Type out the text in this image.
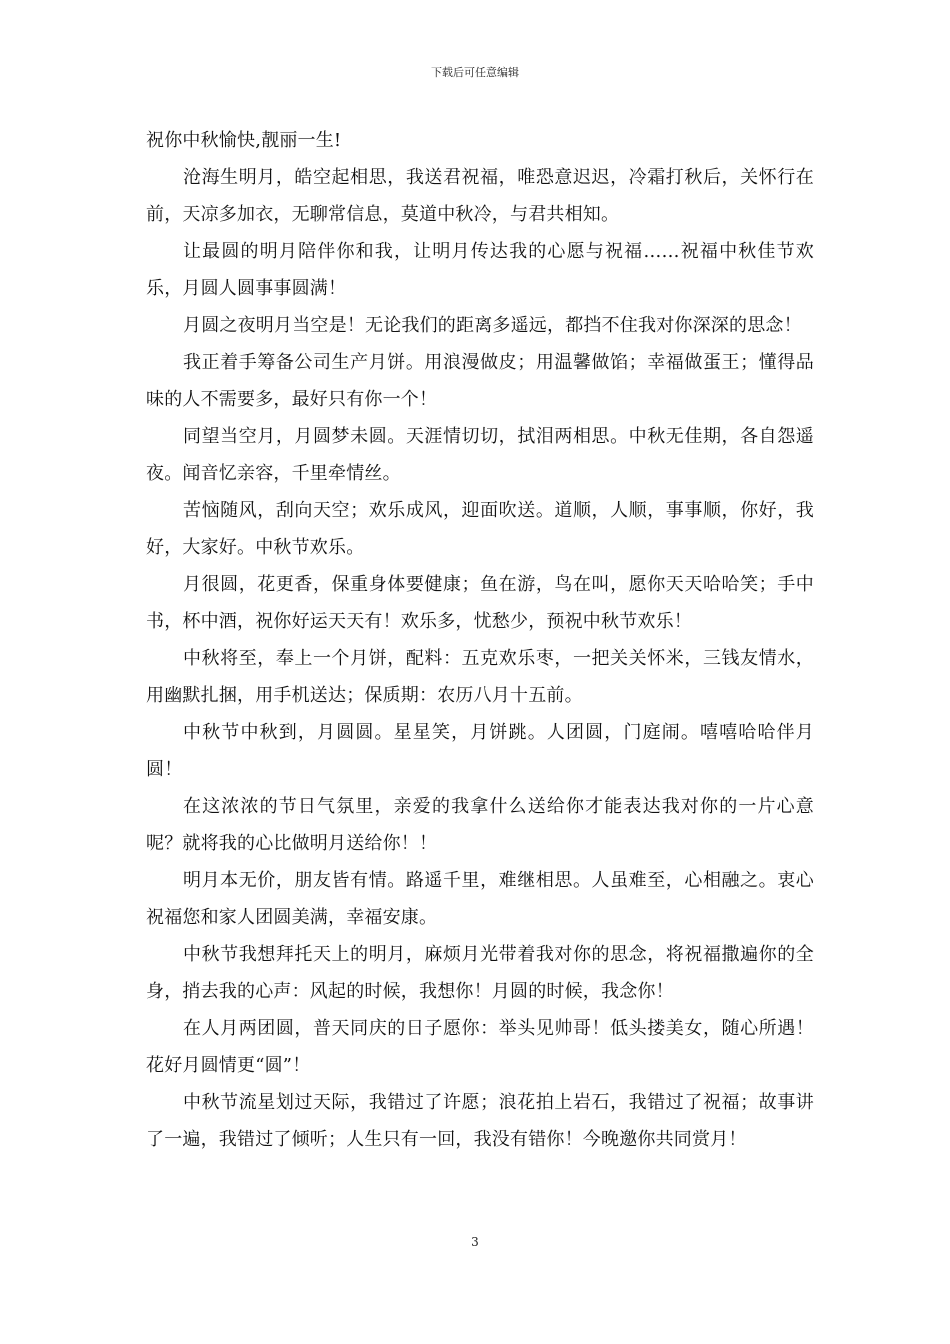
下载后可任意编辑

祝你中秋愉快,靓丽一生!

沧海生明月，皓空起相思，我送君祝福，唯恐意迟迟，冷霜打秋后，关怀行在前，天凉多加衣，无聊常信息，莫道中秋冷，与君共相知。

让最圆的明月陪伴你和我，让明月传达我的心愿与祝福……祝福中秋佳节欢乐，月圆人圆事事圆满！

月圆之夜明月当空是！无论我们的距离多遥远，都挡不住我对你深深的思念！

我正着手筹备公司生产月饼。用浪漫做皮；用温馨做馅；幸福做蛋王；懂得品味的人不需要多，最好只有你一个！

同望当空月，月圆梦未圆。天涯情切切，拭泪两相思。中秋无佳期，各自怨遥夜。闻音忆亲容，千里牵情丝。

苦恼随风，刮向天空；欢乐成风，迎面吹送。道顺，人顺，事事顺，你好，我好，大家好。中秋节欢乐。

月很圆，花更香，保重身体要健康；鱼在游，鸟在叫，愿你天天哈哈笑；手中书，杯中酒，祝你好运天天有！欢乐多，忧愁少，预祝中秋节欢乐！

中秋将至，奉上一个月饼，配料：五克欢乐枣，一把关关怀米，三钱友情水，用幽默扎捆，用手机送达；保质期：农历八月十五前。

中秋节中秋到，月圆圆。星星笑，月饼跳。人团圆，门庭闹。嘻嘻哈哈伴月圆！

在这浓浓的节日气氛里，亲爱的我拿什么送给你才能表达我对你的一片心意呢？就将我的心比做明月送给你！！

明月本无价，朋友皆有情。路遥千里，难继相思。人虽难至，心相融之。衷心祝福您和家人团圆美满，幸福安康。

中秋节我想拜托天上的明月，麻烦月光带着我对你的思念，将祝福撒遍你的全身，捎去我的心声：风起的时候，我想你！月圆的时候，我念你！

在人月两团圆，普天同庆的日子愿你：举头见帅哥！低头搂美女，随心所遇！花好月圆情更“圆”！

中秋节流星划过天际，我错过了许愿；浪花拍上岩石，我错过了祝福；故事讲了一遍，我错过了倾听；人生只有一回，我没有错你！今晚邀你共同赏月！

3
